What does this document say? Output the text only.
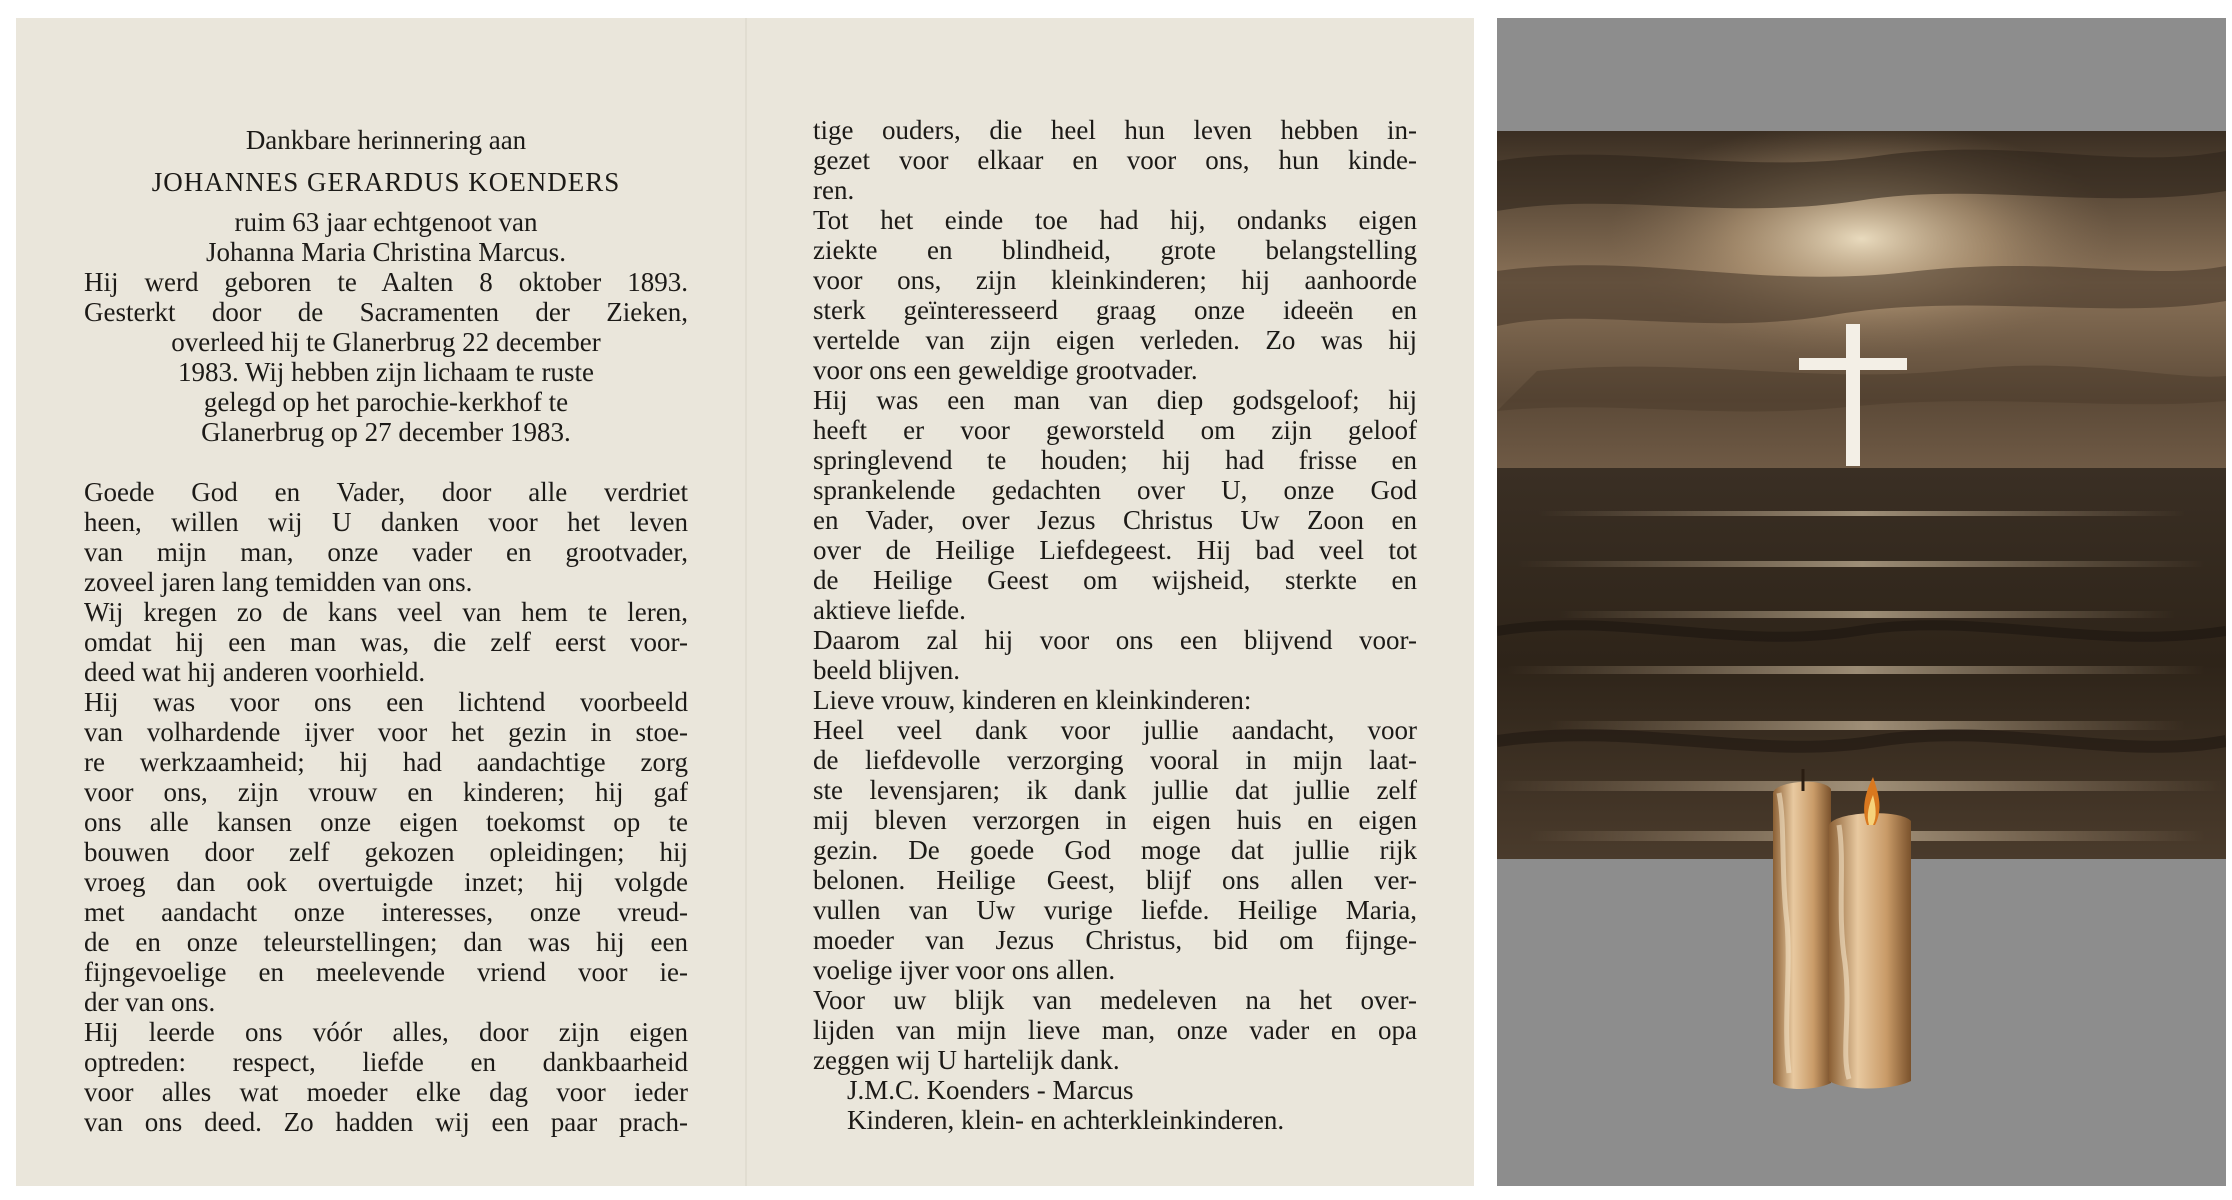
Dankbare herinnering aan
JOHANNES GERARDUS KOENDERS
ruim 63 jaar echtgenoot van
Johanna Maria Christina Marcus.
Hij werd geboren te Aalten 8 oktober 1893.
Gesterkt door de Sacramenten der Zieken,
overleed hij te Glanerbrug 22 december
1983. Wij hebben zijn lichaam te ruste
gelegd op het parochie-kerkhof te
Glanerbrug op 27 december 1983.
Goede God en Vader, door alle verdriet
heen, willen wij U danken voor het leven
van mijn man, onze vader en grootvader,
zoveel jaren lang temidden van ons.
Wij kregen zo de kans veel van hem te leren,
omdat hij een man was, die zelf eerst voor-
deed wat hij anderen voorhield.
Hij was voor ons een lichtend voorbeeld
van volhardende ijver voor het gezin in stoe-
re werkzaamheid; hij had aandachtige zorg
voor ons, zijn vrouw en kinderen; hij gaf
ons alle kansen onze eigen toekomst op te
bouwen door zelf gekozen opleidingen; hij
vroeg dan ook overtuigde inzet; hij volgde
met aandacht onze interesses, onze vreud-
de en onze teleurstellingen; dan was hij een
fijngevoelige en meelevende vriend voor ie-
der van ons.
Hij leerde ons vóór alles, door zijn eigen
optreden: respect, liefde en dankbaarheid
voor alles wat moeder elke dag voor ieder
van ons deed. Zo hadden wij een paar prach-
tige ouders, die heel hun leven hebben in-
gezet voor elkaar en voor ons, hun kinde-
ren.
Tot het einde toe had hij, ondanks eigen
ziekte en blindheid, grote belangstelling
voor ons, zijn kleinkinderen; hij aanhoorde
sterk geïnteresseerd graag onze ideeën en
vertelde van zijn eigen verleden. Zo was hij
voor ons een geweldige grootvader.
Hij was een man van diep godsgeloof; hij
heeft er voor geworsteld om zijn geloof
springlevend te houden; hij had frisse en
sprankelende gedachten over U, onze God
en Vader, over Jezus Christus Uw Zoon en
over de Heilige Liefdegeest. Hij bad veel tot
de Heilige Geest om wijsheid, sterkte en
aktieve liefde.
Daarom zal hij voor ons een blijvend voor-
beeld blijven.
Lieve vrouw, kinderen en kleinkinderen:
Heel veel dank voor jullie aandacht, voor
de liefdevolle verzorging vooral in mijn laat-
ste levensjaren; ik dank jullie dat jullie zelf
mij bleven verzorgen in eigen huis en eigen
gezin. De goede God moge dat jullie rijk
belonen. Heilige Geest, blijf ons allen ver-
vullen van Uw vurige liefde. Heilige Maria,
moeder van Jezus Christus, bid om fijnge-
voelige ijver voor ons allen.
Voor uw blijk van medeleven na het over-
lijden van mijn lieve man, onze vader en opa
zeggen wij U hartelijk dank.
J.M.C. Koenders - Marcus
Kinderen, klein- en achterkleinkinderen.
